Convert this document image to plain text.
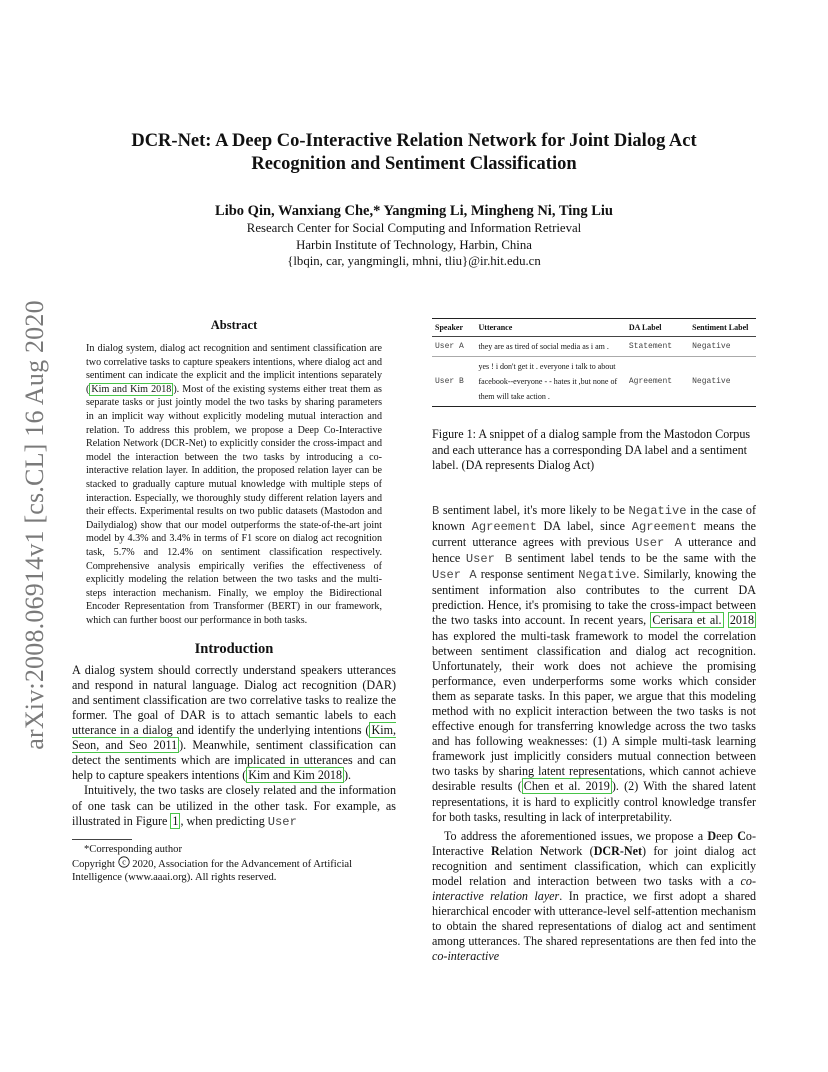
arXiv:2008.06914v1 [cs.CL] 16 Aug 2020
DCR-Net: A Deep Co-Interactive Relation Network for Joint Dialog Act
Recognition and Sentiment Classification
Libo Qin, Wanxiang Che,* Yangming Li, Mingheng Ni, Ting Liu
Research Center for Social Computing and Information Retrieval
Harbin Institute of Technology, Harbin, China
{lbqin, car, yangmingli, mhni, tliu}@ir.hit.edu.cn
Abstract

In dialog system, dialog act recognition and sentiment classification are two correlative tasks to capture speakers intentions, where dialog act and sentiment can indicate the explicit and the implicit intentions separately ( Kim and Kim 2018 ). Most of the existing systems either treat them as separate tasks or just jointly model the two tasks by sharing parameters in an implicit way without explicitly modeling mutual interaction and relation. To address this problem, we propose a Deep Co-Interactive Relation Network (DCR-Net) to explicitly consider the cross-impact and model the interaction between the two tasks by introducing a co-interactive relation layer. In addition, the proposed relation layer can be stacked to gradually capture mutual knowledge with multiple steps of interaction. Especially, we thoroughly study different relation layers and their effects. Experimental results on two public datasets (Mastodon and Dailydialog) show that our model outperforms the state-of-the-art joint model by 4.3% and 3.4% in terms of F1 score on dialog act recognition task, 5.7% and 12.4% on sentiment classification respectively. Comprehensive analysis empirically verifies the effectiveness of explicitly modeling the relation between the two tasks and the multi-steps interaction mechanism. Finally, we employ the Bidirectional Encoder Representation from Transformer (BERT) in our framework, which can further boost our performance in both tasks.

Introduction

A dialog system should correctly understand speakers utterances and respond in natural language. Dialog act recognition (DAR) and sentiment classification are two correlative tasks to realize the former. The goal of DAR is to attach semantic labels to each utterance in a dialog and identify the underlying intentions ( Kim, Seon, and Seo 2011 ). Meanwhile, sentiment classification can detect the sentiments which are implicated in utterances and can help to capture speakers intentions ( Kim and Kim 2018 ).

Intuitively, the two tasks are closely related and the information of one task can be utilized in the other task. For example, as illustrated in Figure 1 , when predicting User

*Corresponding author
Copyright c 2020, Association for the Advancement of Artificial Intelligence (www.aaai.org). All rights reserved.
Speaker	Utterance	DA Label	Sentiment Label
User A	they are as tired of social media as i am .	Statement	Negative
User B	yes ! i don't get it . everyone i talk to about facebook--everyone - - hates it ,but none of them will take action .	Agreement	Negative
Figure 1: A snippet of a dialog sample from the Mastodon Corpus and each utterance has a corresponding DA label and a sentiment label. (DA represents Dialog Act)

B sentiment label, it's more likely to be Negative in the case of known Agreement DA label, since Agreement means the current utterance agrees with previous User A utterance and hence User B sentiment label tends to be the same with the User A response sentiment Negative. Similarly, knowing the sentiment information also contributes to the current DA prediction. Hence, it's promising to take the cross-impact between the two tasks into account. In recent years, Cerisara et al. 2018 has explored the multi-task framework to model the correlation between sentiment classification and dialog act recognition. Unfortunately, their work does not achieve the promising performance, even underperforms some works which consider them as separate tasks. In this paper, we argue that this modeling method with no explicit interaction between the two tasks is not effective enough for transferring knowledge across the two tasks and has following weaknesses: (1) A simple multi-task learning framework just implicitly considers mutual connection between two tasks by sharing latent representations, which cannot achieve desirable results ( Chen et al. 2019 ). (2) With the shared latent representations, it is hard to explicitly control knowledge transfer for both tasks, resulting in lack of interpretability.

To address the aforementioned issues, we propose a Deep Co-Interactive Relation Network (DCR-Net) for joint dialog act recognition and sentiment classification, which can explicitly model relation and interaction between two tasks with a co-interactive relation layer. In practice, we first adopt a shared hierarchical encoder with utterance-level self-attention mechanism to obtain the shared representations of dialog act and sentiment among utterances. The shared representations are then fed into the co-interactive
